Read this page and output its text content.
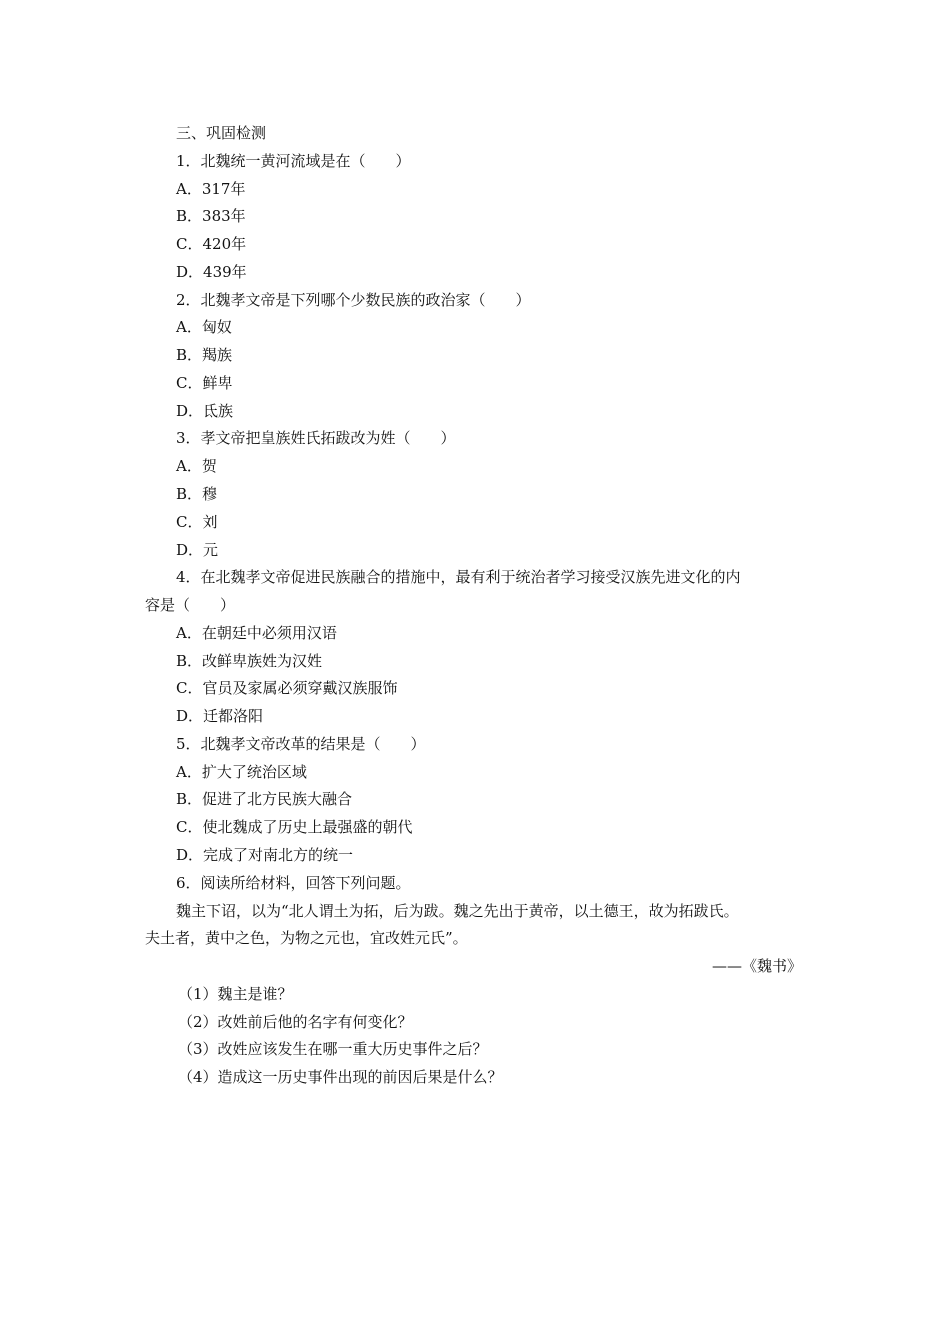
三、巩固检测
1．北魏统一黄河流域是在（　　）
A．317年
B．383年
C．420年
D．439年
2．北魏孝文帝是下列哪个少数民族的政治家（　　）
A．匈奴
B．羯族
C．鲜卑
D．氐族
3．孝文帝把皇族姓氏拓跋改为姓（　　）
A．贺
B．穆
C．刘
D．元
4．在北魏孝文帝促进民族融合的措施中，最有利于统治者学习接受汉族先进文化的内
容是（　　）
A．在朝廷中必须用汉语
B．改鲜卑族姓为汉姓
C．官员及家属必须穿戴汉族服饰
D．迁都洛阳
5．北魏孝文帝改革的结果是（　　）
A．扩大了统治区域
B．促进了北方民族大融合
C．使北魏成了历史上最强盛的朝代
D．完成了对南北方的统一
6．阅读所给材料，回答下列问题。
魏主下诏，以为“北人谓土为拓，后为跋。魏之先出于黄帝，以土德王，故为拓跋氏。
夫土者，黄中之色，为物之元也，宜改姓元氏”。
——《魏书》
（1）魏主是谁？
（2）改姓前后他的名字有何变化？
（3）改姓应该发生在哪一重大历史事件之后？
（4）造成这一历史事件出现的前因后果是什么？
